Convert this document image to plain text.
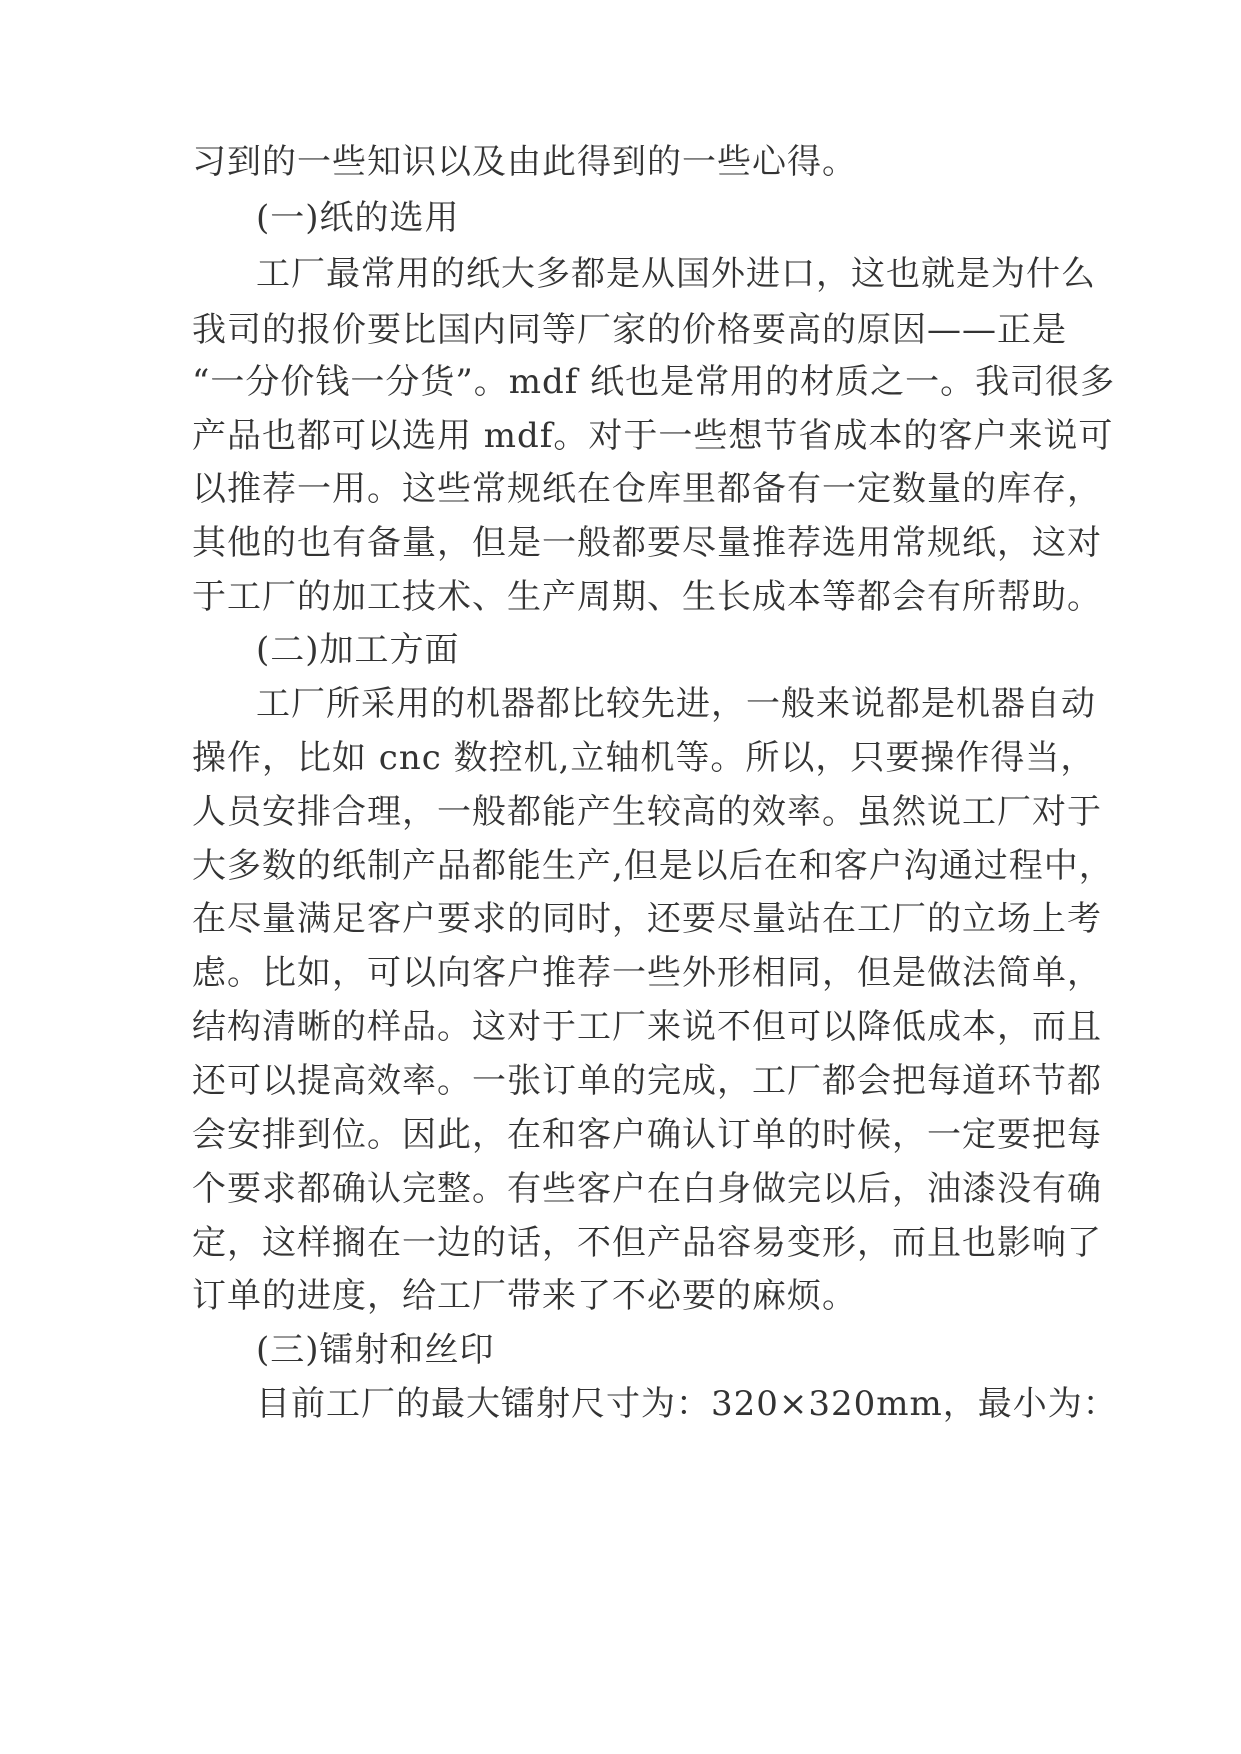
习到的一些知识以及由此得到的一些心得。
(一)纸的选用
工厂最常用的纸大多都是从国外进口，这也就是为什么
我司的报价要比国内同等厂家的价格要高的原因——正是
“一分价钱一分货”。mdf 纸也是常用的材质之一。我司很多
产品也都可以选用 mdf。对于一些想节省成本的客户来说可
以推荐一用。这些常规纸在仓库里都备有一定数量的库存，
其他的也有备量，但是一般都要尽量推荐选用常规纸，这对
于工厂的加工技术、生产周期、生长成本等都会有所帮助。
(二)加工方面
工厂所采用的机器都比较先进，一般来说都是机器自动
操作，比如 cnc 数控机,立轴机等。所以，只要操作得当，
人员安排合理，一般都能产生较高的效率。虽然说工厂对于
大多数的纸制产品都能生产,但是以后在和客户沟通过程中，
在尽量满足客户要求的同时，还要尽量站在工厂的立场上考
虑。比如，可以向客户推荐一些外形相同，但是做法简单，
结构清晰的样品。这对于工厂来说不但可以降低成本，而且
还可以提高效率。一张订单的完成，工厂都会把每道环节都
会安排到位。因此，在和客户确认订单的时候，一定要把每
个要求都确认完整。有些客户在白身做完以后，油漆没有确
定，这样搁在一边的话，不但产品容易变形，而且也影响了
订单的进度，给工厂带来了不必要的麻烦。
(三)镭射和丝印
目前工厂的最大镭射尺寸为：320×320mm，最小为：
